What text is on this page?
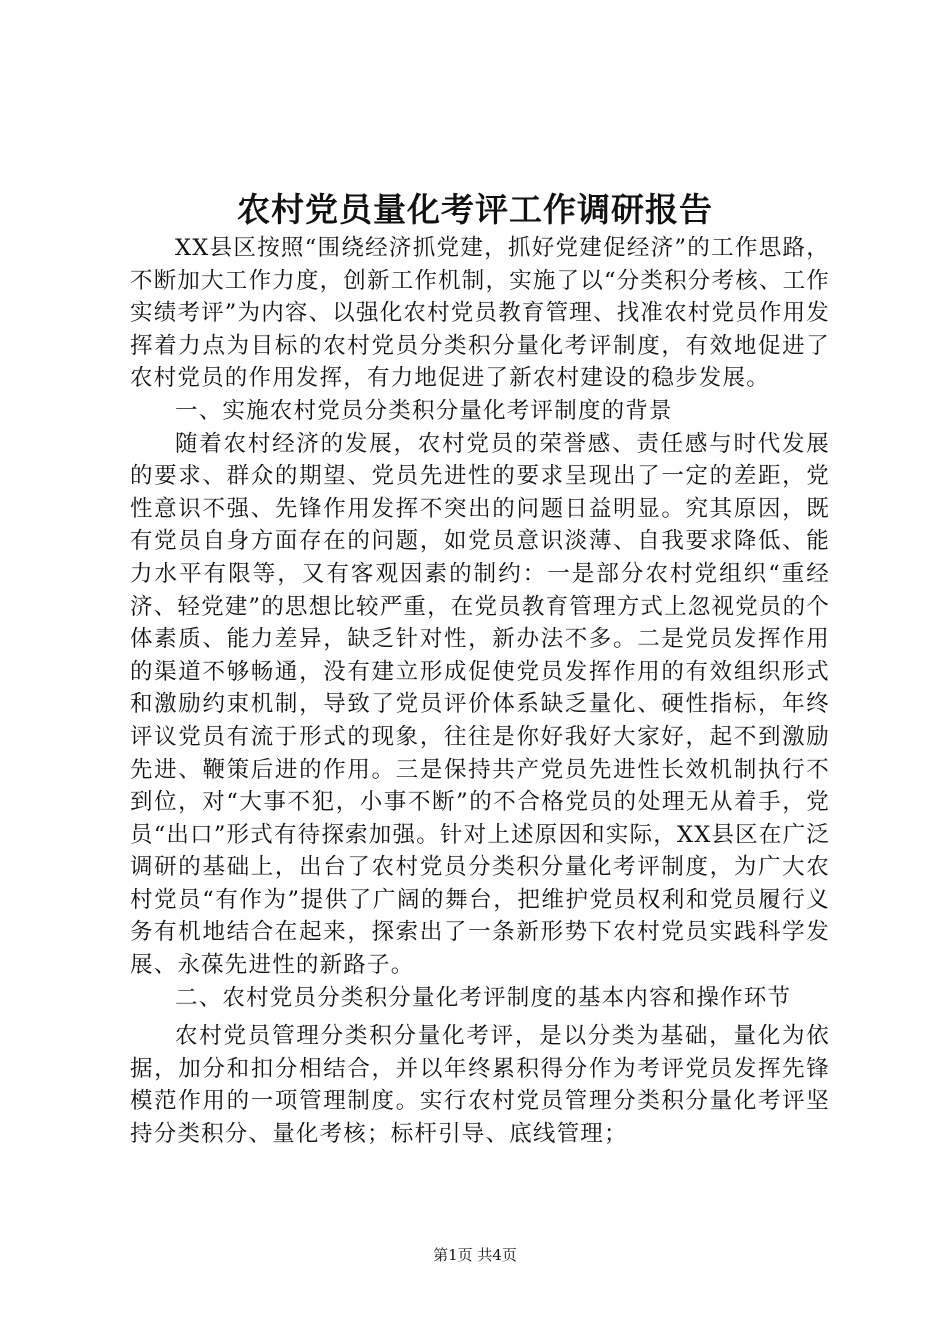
农村党员量化考评工作调研报告

XX县区按照“围绕经济抓党建，抓好党建促经济”的工作思路，不断加大工作力度，创新工作机制，实施了以“分类积分考核、工作实绩考评”为内容、以强化农村党员教育管理、找准农村党员作用发挥着力点为目标的农村党员分类积分量化考评制度，有效地促进了农村党员的作用发挥，有力地促进了新农村建设的稳步发展。

一、实施农村党员分类积分量化考评制度的背景

随着农村经济的发展，农村党员的荣誉感、责任感与时代发展的要求、群众的期望、党员先进性的要求呈现出了一定的差距，党性意识不强、先锋作用发挥不突出的问题日益明显。究其原因，既有党员自身方面存在的问题，如党员意识淡薄、自我要求降低、能力水平有限等，又有客观因素的制约：一是部分农村党组织“重经济、轻党建”的思想比较严重，在党员教育管理方式上忽视党员的个体素质、能力差异，缺乏针对性，新办法不多。二是党员发挥作用的渠道不够畅通，没有建立形成促使党员发挥作用的有效组织形式和激励约束机制，导致了党员评价体系缺乏量化、硬性指标，年终评议党员有流于形式的现象，往往是你好我好大家好，起不到激励先进、鞭策后进的作用。三是保持共产党员先进性长效机制执行不到位，对“大事不犯，小事不断”的不合格党员的处理无从着手，党员“出口”形式有待探索加强。针对上述原因和实际，XX县区在广泛调研的基础上，出台了农村党员分类积分量化考评制度，为广大农村党员“有作为”提供了广阔的舞台，把维护党员权利和党员履行义务有机地结合在起来，探索出了一条新形势下农村党员实践科学发展、永葆先进性的新路子。

二、农村党员分类积分量化考评制度的基本内容和操作环节

农村党员管理分类积分量化考评，是以分类为基础，量化为依据，加分和扣分相结合，并以年终累积得分作为考评党员发挥先锋模范作用的一项管理制度。实行农村党员管理分类积分量化考评坚持分类积分、量化考核；标杆引导、底线管理；

第1页 共4页
